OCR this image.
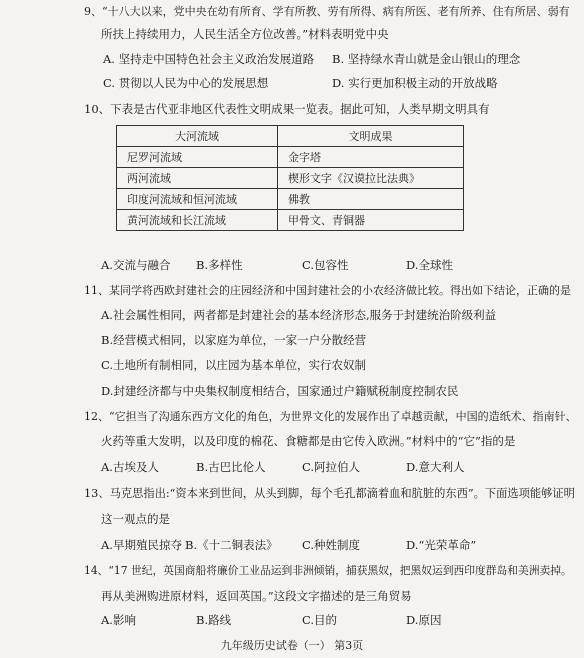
9、“十八大以来，党中央在幼有所育、学有所教、劳有所得、病有所医、老有所养、住有所居、弱有
所扶上持续用力，人民生活全方位改善。”材料表明党中央
A. 坚持走中国特色社会主义政治发展道路 B. 坚持绿水青山就是金山银山的理念
C. 贯彻以人民为中心的发展思想	D. 实行更加积极主动的开放战略
10、下表是古代亚非地区代表性文明成果一览表。据此可知，人类早期文明具有
大河流域	文明成果
尼罗河流域	金字塔
两河流域	楔形文字《汉谟拉比法典》
印度河流域和恒河流域	佛教
黄河流域和长江流域	甲骨文、青铜器
A.交流与融合 B.多样性	C.包容性	D.全球性
11、某同学将西欧封建社会的庄园经济和中国封建社会的小农经济做比较。得出如下结论，正确的是
A.社会属性相同，两者都是封建社会的基本经济形态,服务于封建统治阶级利益
B.经营模式相同，以家庭为单位，一家一户分散经营
C.土地所有制相同，以庄园为基本单位，实行农奴制
D.封建经济都与中央集权制度相结合，国家通过户籍赋税制度控制农民
12、“它担当了沟通东西方文化的角色，为世界文化的发展作出了卓越贡献，中国的造纸术、指南针、
火药等重大发明，以及印度的棉花、食糖都是由它传入欧洲。”材料中的“它”指的是
A.古埃及人	B.古巴比伦人	C.阿拉伯人	D.意大利人
13、马克思指出:“资本来到世间，从头到脚，每个毛孔都滴着血和肮脏的东西”。下面选项能够证明
这一观点的是
A.早期殖民掠夺 B.《十二铜表法》 C.种姓制度	D.“光荣革命”
14、“17 世纪，英国商船将廉价工业品运到非洲倾销，捕获黑奴，把黑奴运到西印度群岛和美洲卖掉。
再从美洲购进原材料，返回英国。”这段文字描述的是三角贸易
A.影响	B.路线	C.目的	D.原因
九年级历史试卷（一） 第3页
